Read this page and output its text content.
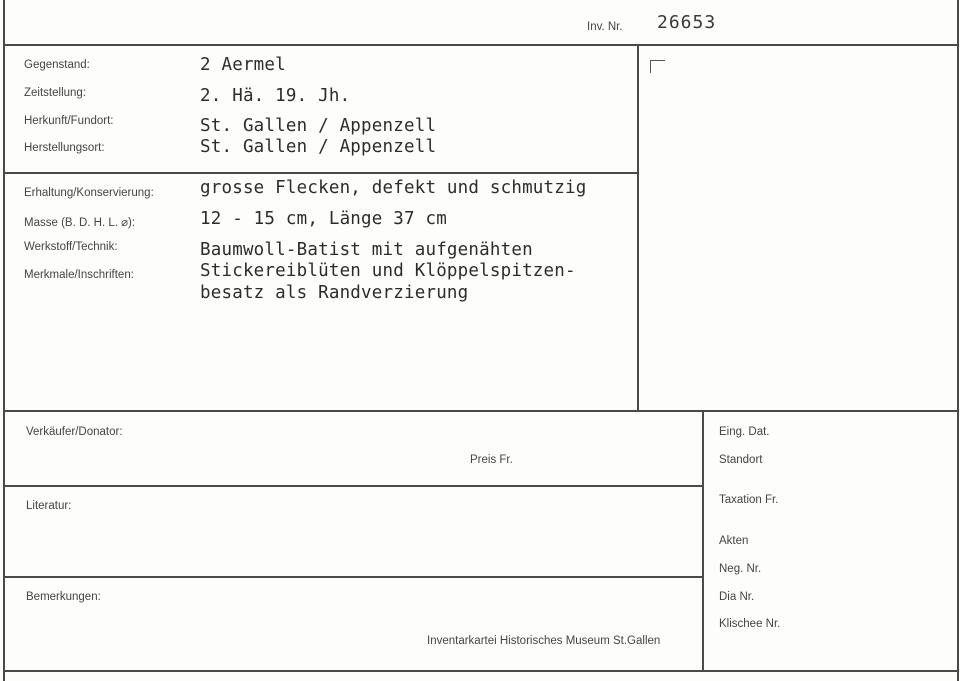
Inv. Nr. 26653
Gegenstand:
Zeitstellung:
Herkunft/Fundort:
Herstellungsort:
2 Aermel
2. Hä. 19. Jh.
St. Gallen / Appenzell
St. Gallen / Appenzell
Erhaltung/Konservierung:
Masse (B. D. H. L. ⌀):
Werkstoff/Technik:
Merkmale/Inschriften:
grosse Flecken, defekt und schmutzig
12 - 15 cm, Länge 37 cm
Baumwoll-Batist mit aufgenähten
Stickereiblüten und Klöppelspitzen-
besatz als Randverzierung
Verkäufer/Donator:
Preis Fr.
Literatur:
Bemerkungen:
Inventarkartei Historisches Museum St.Gallen
Eing. Dat.
Standort
Taxation Fr.
Akten
Neg. Nr.
Dia Nr.
Klischee Nr.
